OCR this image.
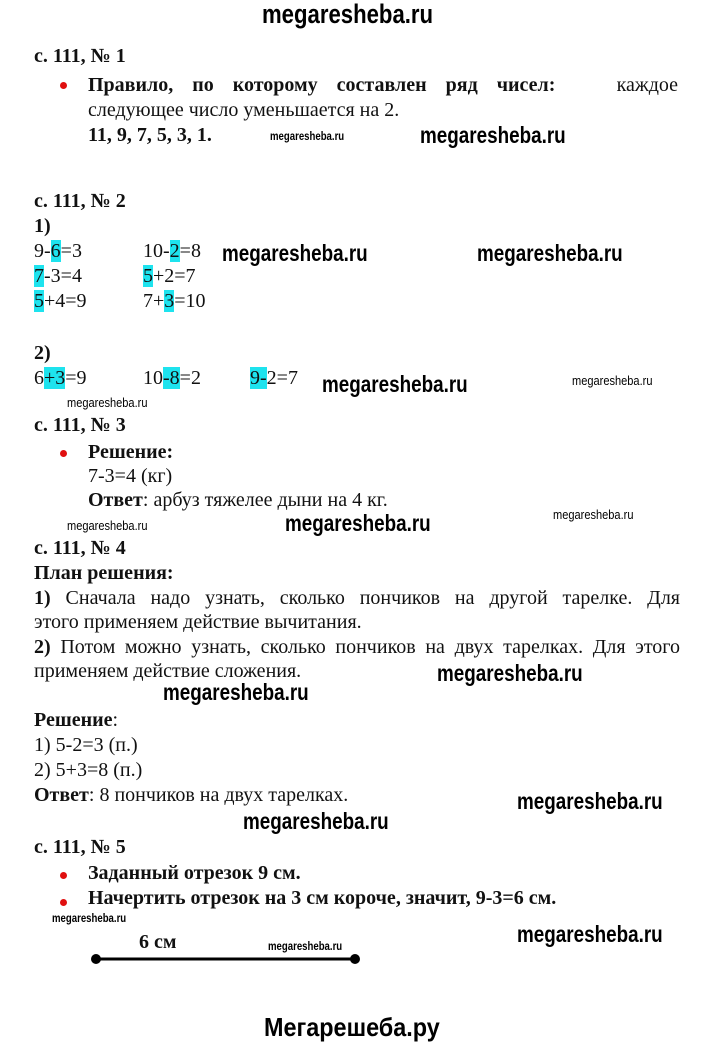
megaresheba.ru
с. 111, № 1
Правило, по которому составлен ряд чисел:	каждое
следующее число уменьшается на 2.
11, 9, 7, 5, 3, 1.	megaresheba.ru	megaresheba.ru
с. 111, № 2
1)
9-6=3	10-2=8
7-3=4	5+2=7
5+4=9	7+3=10
2)
6+3=9	10-8=2 9-2=7
megaresheba.ru	megaresheba.ru
megaresheba.ru	megaresheba.ru
megaresheba.ru
с. 111, № 3
Решение:
7-3=4 (кг)
Ответ: арбуз тяжелее дыни на 4 кг.
megaresheba.ru	megaresheba.ru
megaresheba.ru
с. 111, № 4
План решения:
1) Сначала надо узнать, сколько пончиков на другой тарелке. Для
этого применяем действие вычитания.
2) Потом можно узнать, сколько пончиков на двух тарелках. Для этого
применяем действие сложения.	megaresheba.ru
megaresheba.ru
Решение:
1) 5-2=3 (п.)
2) 5+3=8 (п.)
Ответ: 8 пончиков на двух тарелках.	megaresheba.ru
megaresheba.ru
с. 111, № 5
Заданный отрезок 9 см.
Начертить отрезок на 3 см короче, значит, 9-3=6 см.
megaresheba.ru
megaresheba.ru
6 см	megaresheba.ru
Мегарешеба.ру
